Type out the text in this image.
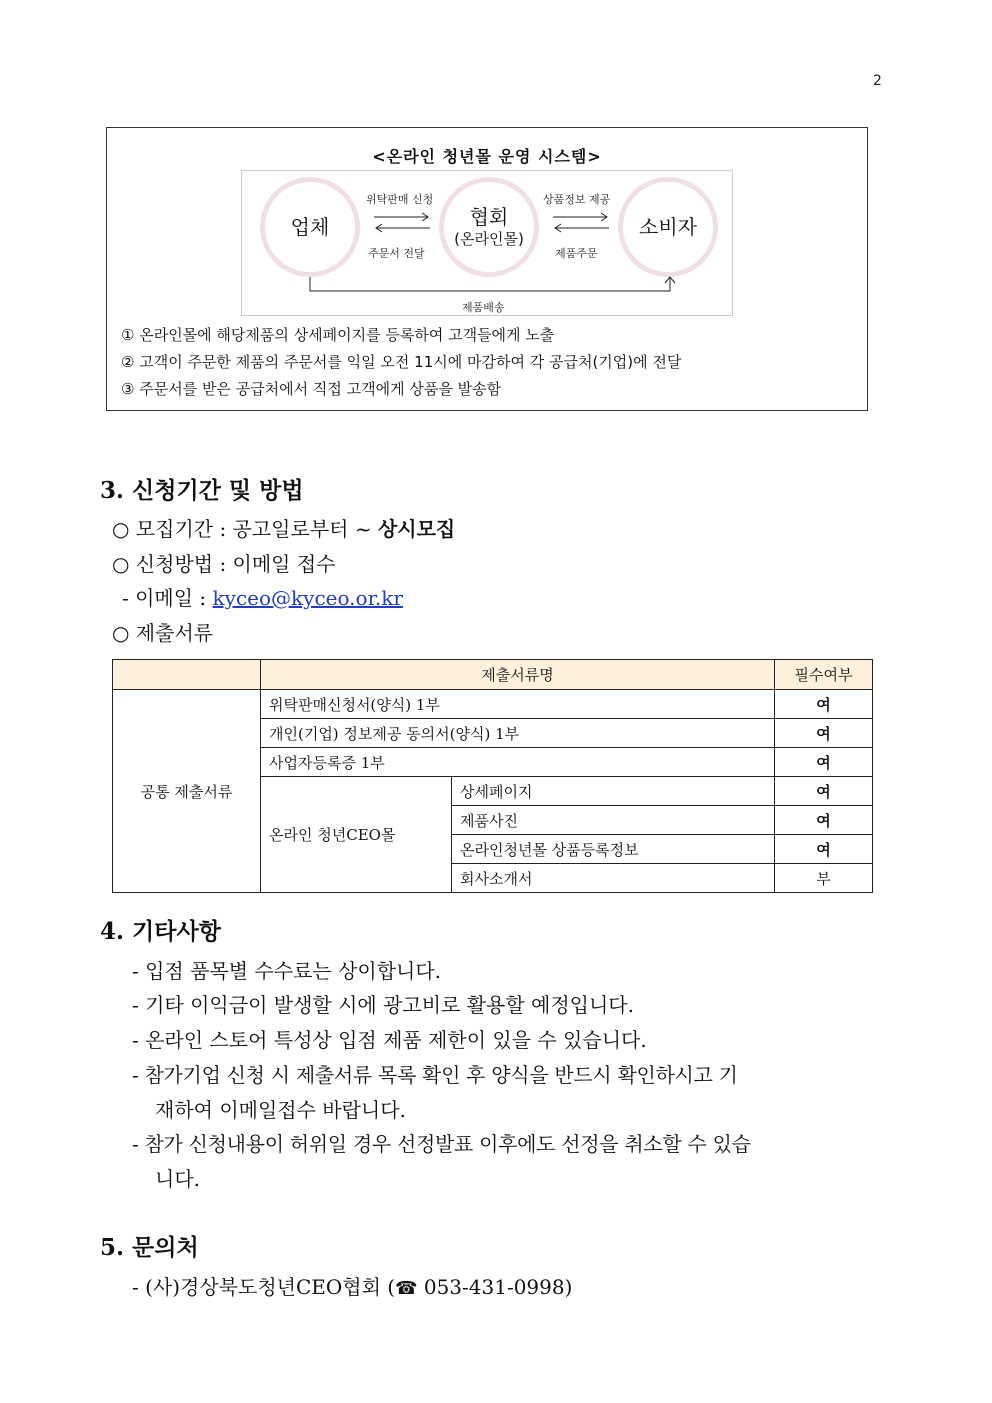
2
<온라인 청년몰 운영 시스템>
업체	협회
(온라인몰)	소비자
위탁판매 신청
주문서 전달
상품정보 제공
제품주문
제품배송
① 온라인몰에 해당제품의 상세페이지를 등록하여 고객들에게 노출
② 고객이 주문한 제품의 주문서를 익일 오전 11시에 마감하여 각 공급처(기업)에 전달
③ 주문서를 받은 공급처에서 직접 고객에게 상품을 발송함
3. 신청기간 및 방법
○ 모집기간 : 공고일로부터 ~ 상시모집
○ 신청방법 : 이메일 접수
- 이메일 : kyceo@kyceo.or.kr
○ 제출서류
	제출서류명		필수여부
공통 제출서류	위탁판매신청서(양식) 1부		여
	개인(기업) 정보제공 동의서(양식) 1부		여
	사업자등록증 1부		여
	온라인 청년CEO몰	상세페이지	여
		제품사진	여
		온라인청년몰 상품등록정보	여
		회사소개서	부
4. 기타사항
- 입점 품목별 수수료는 상이합니다.
- 기타 이익금이 발생할 시에 광고비로 활용할 예정입니다.
- 온라인 스토어 특성상 입점 제품 제한이 있을 수 있습니다.
- 참가기업 신청 시 제출서류 목록 확인 후 양식을 반드시 확인하시고 기
재하여 이메일접수 바랍니다.
- 참가 신청내용이 허위일 경우 선정발표 이후에도 선정을 취소할 수 있습
니다.
5. 문의처
- (사)경상북도청년CEO협회 (☎ 053-431-0998)
